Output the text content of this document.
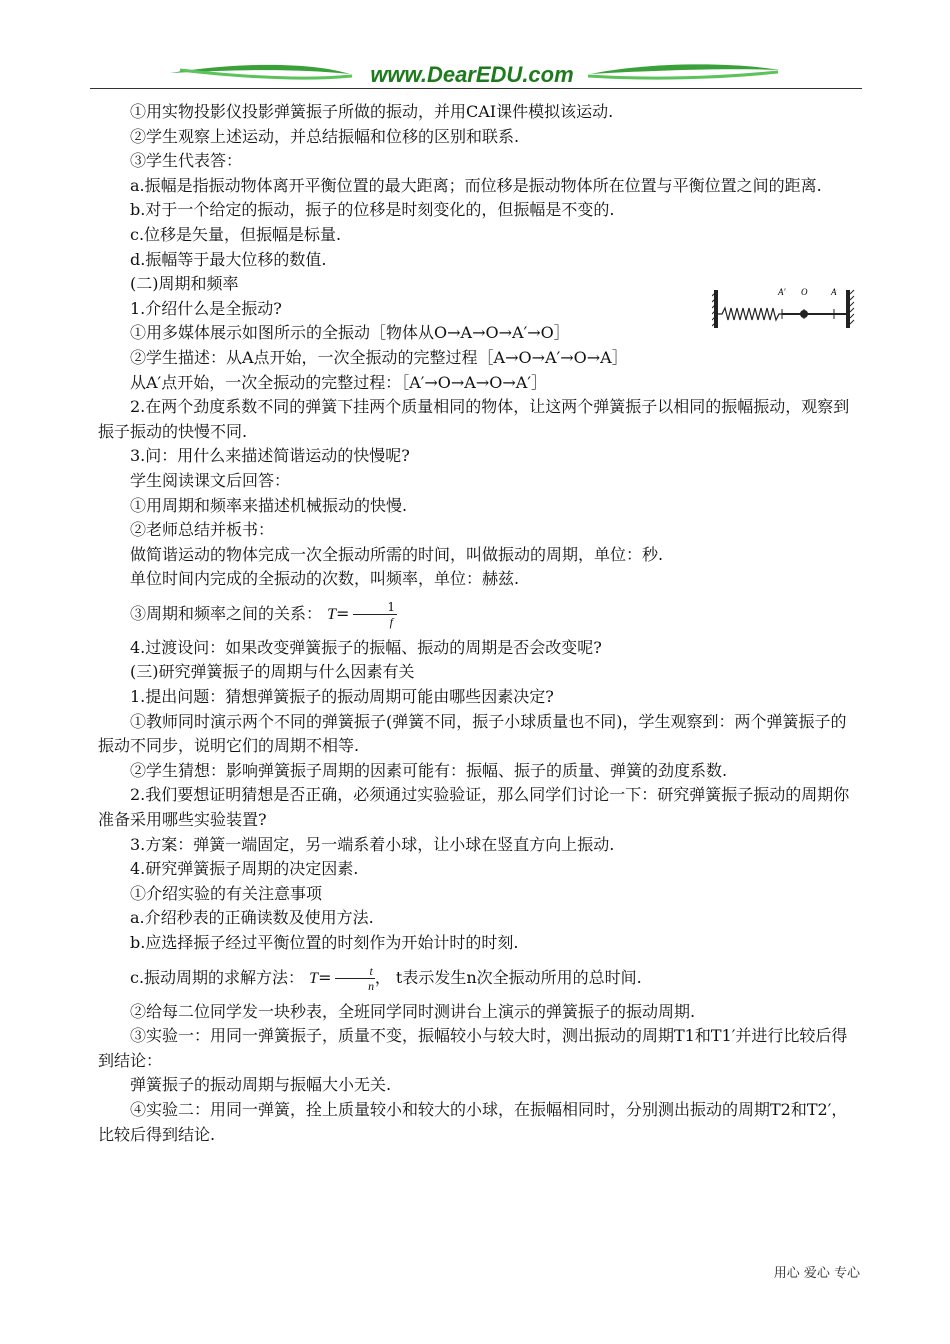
www.DearEDU.com
A′ O	A

①用实物投影仪投影弹簧振子所做的振动，并用CAI课件模拟该运动.

②学生观察上述运动，并总结振幅和位移的区别和联系.

③学生代表答：

a.振幅是指振动物体离开平衡位置的最大距离；而位移是振动物体所在位置与平衡位置之间的距离.

b.对于一个给定的振动，振子的位移是时刻变化的，但振幅是不变的.

c.位移是矢量，但振幅是标量.

d.振幅等于最大位移的数值.

(二)周期和频率

1.介绍什么是全振动?

①用多媒体展示如图所示的全振动［物体从O→A→O→A′→O］

②学生描述：从A点开始，一次全振动的完整过程［A→O→A′→O→A］

从A′点开始，一次全振动的完整过程：［A′→O→A→O→A′］

2.在两个劲度系数不同的弹簧下挂两个质量相同的物体，让这两个弹簧振子以相同的振幅振动，观察到振子振动的快慢不同.

3.问：用什么来描述简谐运动的快慢呢?

学生阅读课文后回答：

①用周期和频率来描述机械振动的快慢.

②老师总结并板书：

做简谐运动的物体完成一次全振动所需的时间，叫做振动的周期，单位：秒.

单位时间内完成的全振动的次数，叫频率，单位：赫兹.

③周期和频率之间的关系： $T= \frac{1}{f}$

4.过渡设问：如果改变弹簧振子的振幅、振动的周期是否会改变呢?

(三)研究弹簧振子的周期与什么因素有关

1.提出问题：猜想弹簧振子的振动周期可能由哪些因素决定?

①教师同时演示两个不同的弹簧振子(弹簧不同，振子小球质量也不同)，学生观察到：两个弹簧振子的振动不同步，说明它们的周期不相等.

②学生猜想：影响弹簧振子周期的因素可能有：振幅、振子的质量、弹簧的劲度系数.

2.我们要想证明猜想是否正确，必须通过实验验证，那么同学们讨论一下：研究弹簧振子振动的周期你准备采用哪些实验装置?

3.方案：弹簧一端固定，另一端系着小球，让小球在竖直方向上振动.

4.研究弹簧振子周期的决定因素.

①介绍实验的有关注意事项

a.介绍秒表的正确读数及使用方法.

b.应选择振子经过平衡位置的时刻作为开始计时的时刻.

c.振动周期的求解方法： $T= \frac{t}{n}$ ， t表示发生n次全振动所用的总时间.

②给每二位同学发一块秒表，全班同学同时测讲台上演示的弹簧振子的振动周期.

③实验一：用同一弹簧振子，质量不变，振幅较小与较大时，测出振动的周期T1和T1′并进行比较后得到结论：

弹簧振子的振动周期与振幅大小无关.

④实验二：用同一弹簧，拴上质量较小和较大的小球，在振幅相同时，分别测出振动的周期T2和T2′，比较后得到结论.

用心 爱心 专心
